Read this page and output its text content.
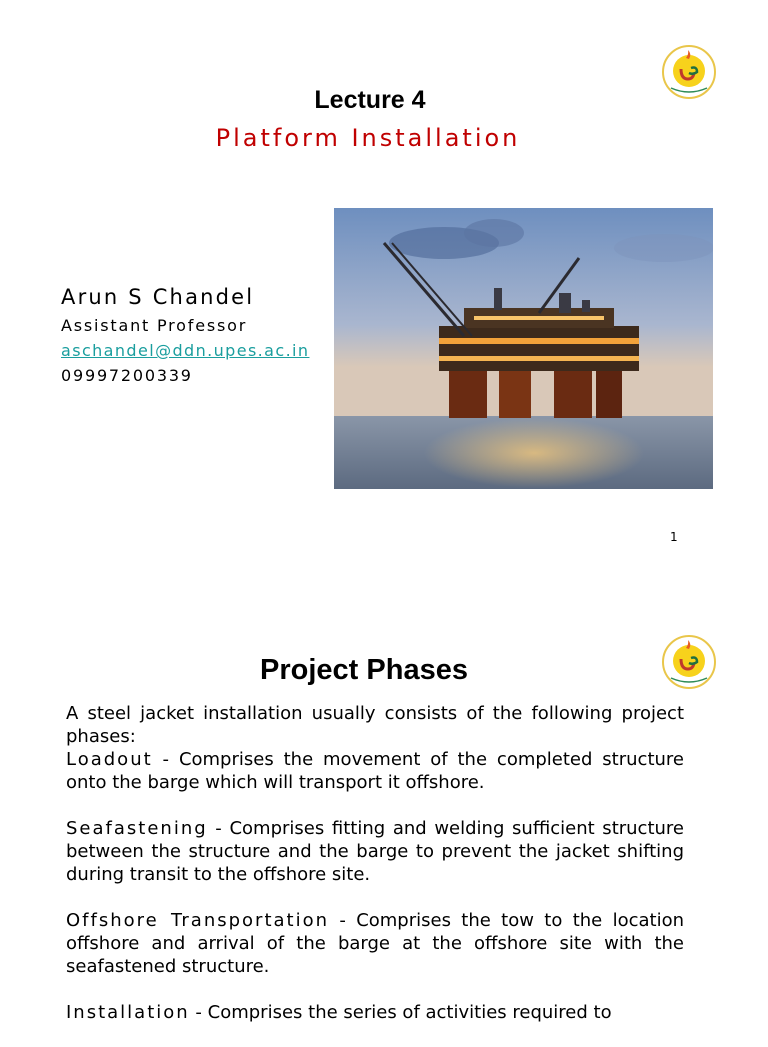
Lecture 4
Platform Installation
Arun S Chandel
Assistant Professor
aschandel@ddn.upes.ac.in
09997200339
1
Project Phases

A steel jacket installation usually consists of the following project phases:

Loadout - Comprises the movement of the completed structure onto the barge which will transport it offshore.

Seafastening - Comprises fitting and welding sufficient structure between the structure and the barge to prevent the jacket shifting during transit to the offshore site.

Offshore Transportation - Comprises the tow to the location offshore and arrival of the barge at the offshore site with the seafastened structure.

Installation - Comprises the series of activities required to
